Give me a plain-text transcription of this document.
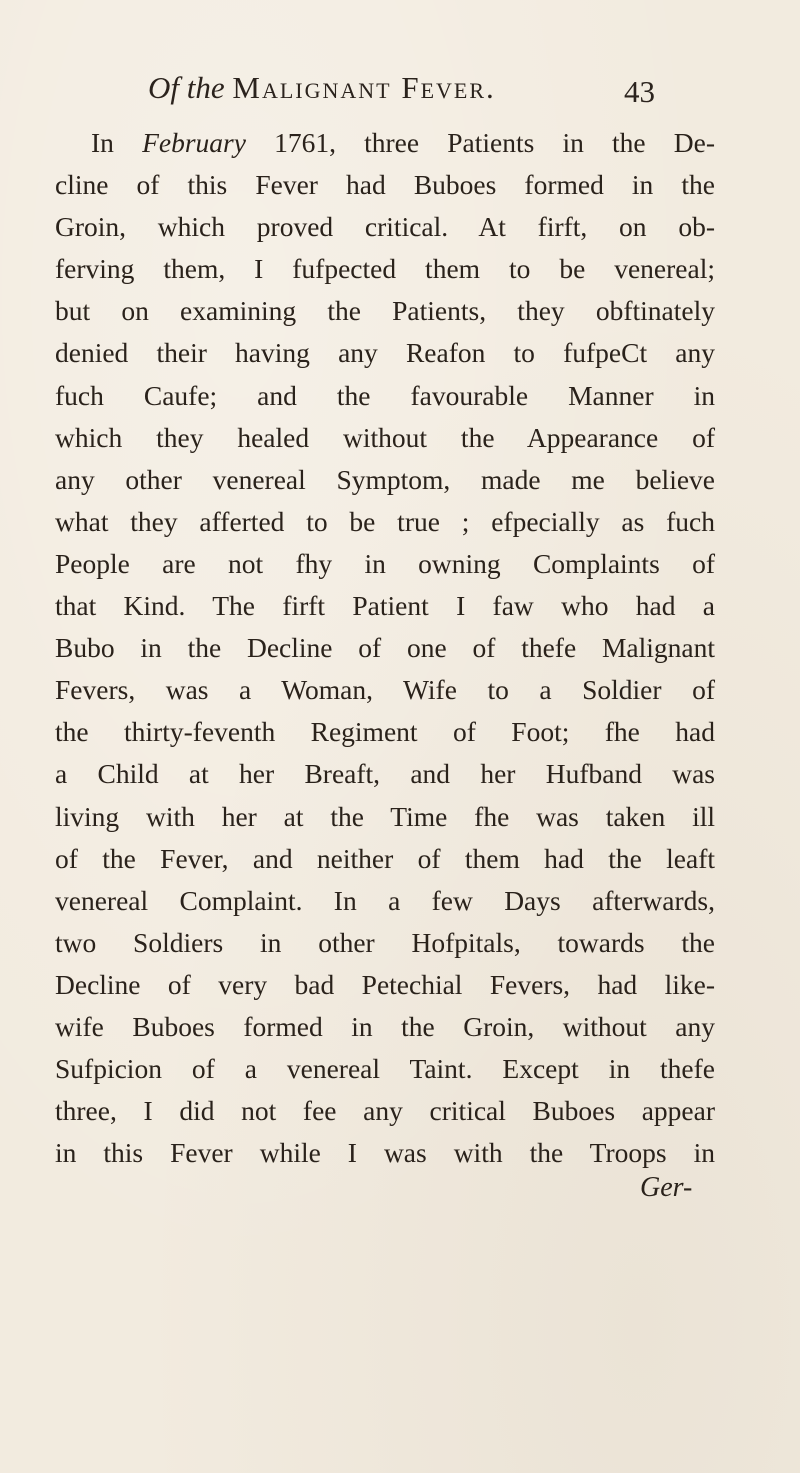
Of the Malignant Fever.	43
In February 1761, three Patients in the De-
cline of this Fever had Buboes formed in the
Groin, which proved critical. At firft, on ob-
ferving them, I fufpected them to be venereal;
but on examining the Patients, they obftinately
denied their having any Reafon to fufpeCt any
fuch Caufe; and the favourable Manner in
which they healed without the Appearance of
any other venereal Symptom, made me believe
what they afferted to be true ; efpecially as fuch
People are not fhy in owning Complaints of
that Kind. The firft Patient I faw who had a
Bubo in the Decline of one of thefe Malignant
Fevers, was a Woman, Wife to a Soldier of
the thirty-feventh Regiment of Foot; fhe had
a Child at her Breaft, and her Hufband was
living with her at the Time fhe was taken ill
of the Fever, and neither of them had the leaft
venereal Complaint. In a few Days afterwards,
two Soldiers in other Hofpitals, towards the
Decline of very bad Petechial Fevers, had like-
wife Buboes formed in the Groin, without any
Sufpicion of a venereal Taint. Except in thefe
three, I did not fee any critical Buboes appear
in this Fever while I was with the Troops in
Ger-
